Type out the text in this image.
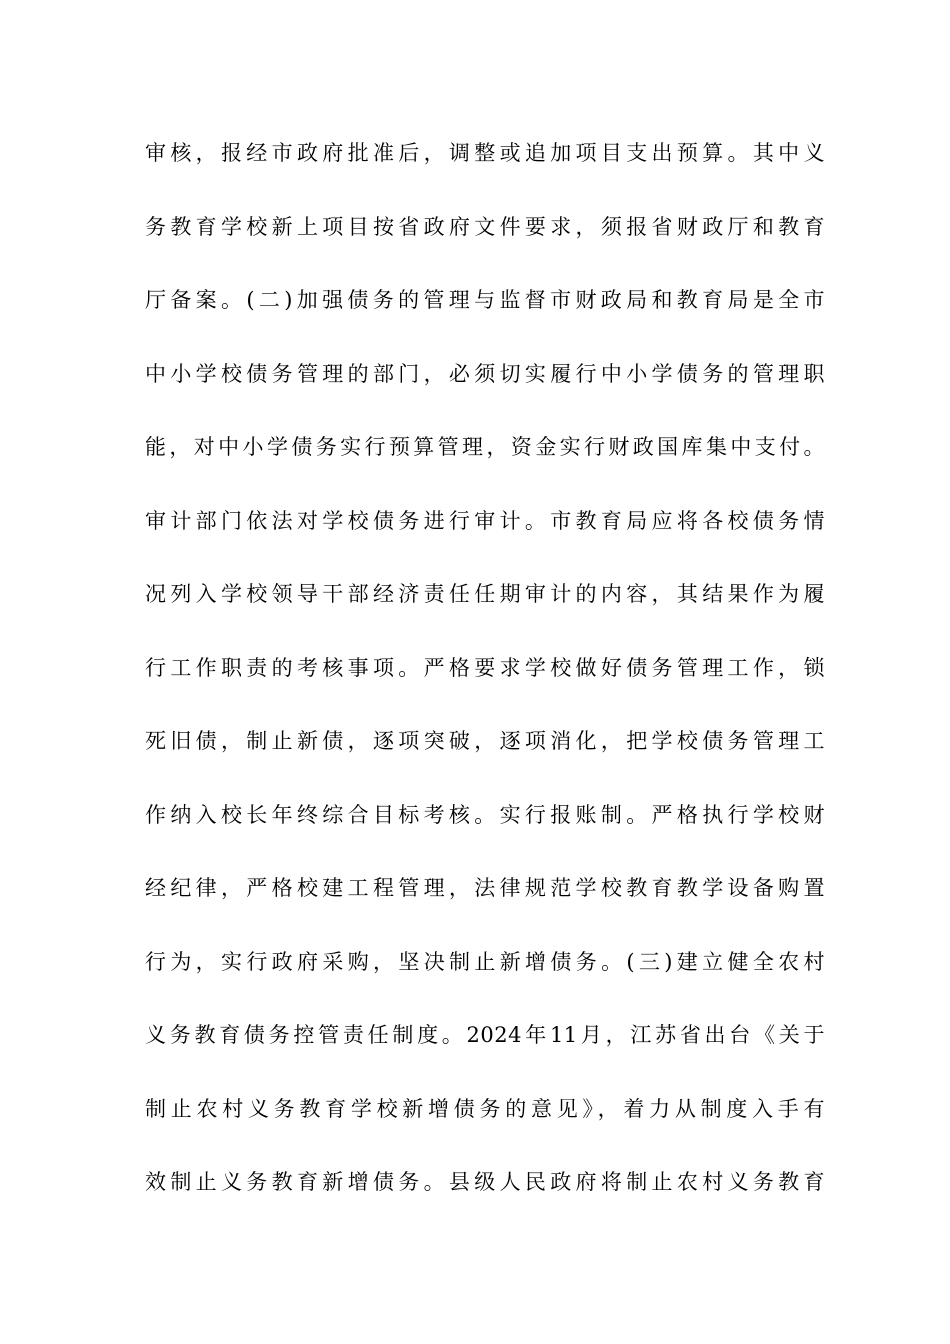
审核，报经市政府批准后，调整或追加项目支出预算。其中义
务教育学校新上项目按省政府文件要求，须报省财政厅和教育
厅备案。(二)加强债务的管理与监督市财政局和教育局是全市
中小学校债务管理的部门，必须切实履行中小学债务的管理职
能，对中小学债务实行预算管理，资金实行财政国库集中支付。
审计部门依法对学校债务进行审计。市教育局应将各校债务情
况列入学校领导干部经济责任任期审计的内容，其结果作为履
行工作职责的考核事项。严格要求学校做好债务管理工作，锁
死旧债，制止新债，逐项突破，逐项消化，把学校债务管理工
作纳入校长年终综合目标考核。实行报账制。严格执行学校财
经纪律，严格校建工程管理，法律规范学校教育教学设备购置
行为，实行政府采购，坚决制止新增债务。(三)建立健全农村
义务教育债务控管责任制度。2024年11月，江苏省出台《关于
制止农村义务教育学校新增债务的意见》，着力从制度入手有
效制止义务教育新增债务。县级人民政府将制止农村义务教育
